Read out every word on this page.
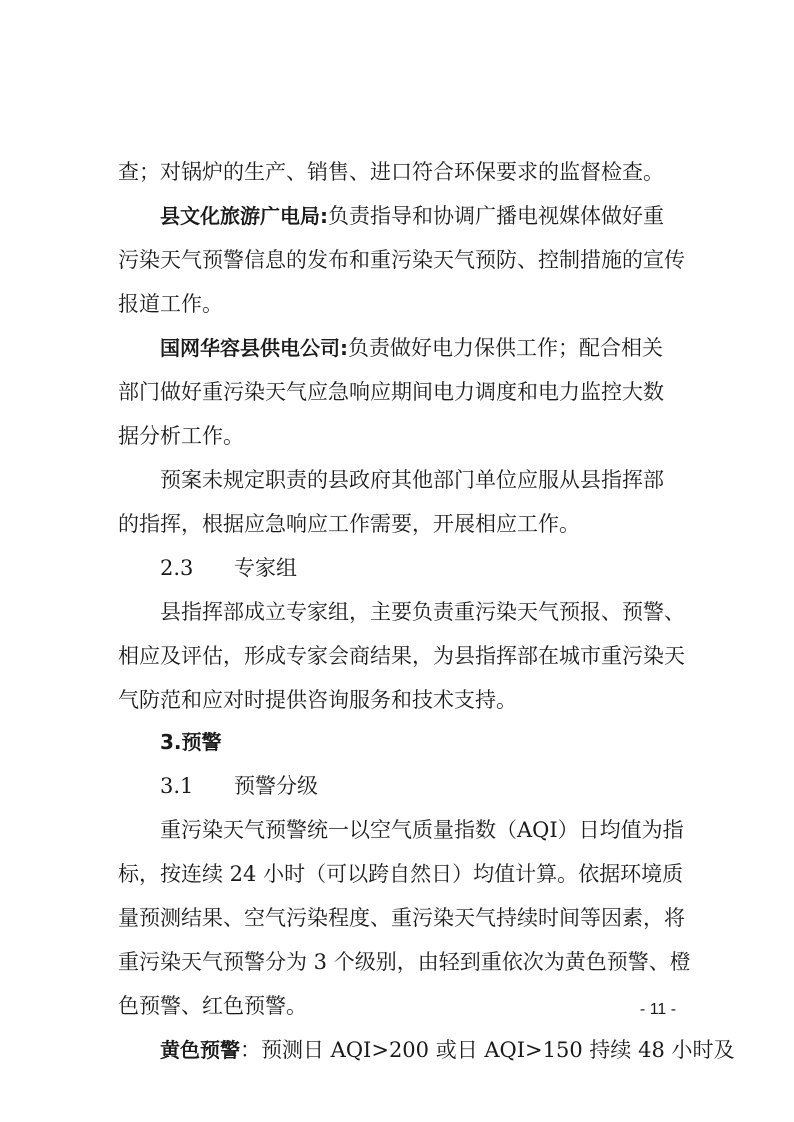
查；对锅炉的生产、销售、进口符合环保要求的监督检查。
县文化旅游广电局:负责指导和协调广播电视媒体做好重
污染天气预警信息的发布和重污染天气预防、控制措施的宣传
报道工作。
国网华容县供电公司:负责做好电力保供工作；配合相关
部门做好重污染天气应急响应期间电力调度和电力监控大数
据分析工作。
预案未规定职责的县政府其他部门单位应服从县指挥部
的指挥，根据应急响应工作需要，开展相应工作。
2.3 专家组
县指挥部成立专家组，主要负责重污染天气预报、预警、
相应及评估，形成专家会商结果，为县指挥部在城市重污染天
气防范和应对时提供咨询服务和技术支持。
3.预警
3.1 预警分级
重污染天气预警统一以空气质量指数（AQI）日均值为指
标，按连续 24 小时（可以跨自然日）均值计算。依据环境质
量预测结果、空气污染程度、重污染天气持续时间等因素，将
重污染天气预警分为 3 个级别，由轻到重依次为黄色预警、橙
色预警、红色预警。
黄色预警：预测日 AQI>200 或日 AQI>150 持续 48 小时及
- 11 -
